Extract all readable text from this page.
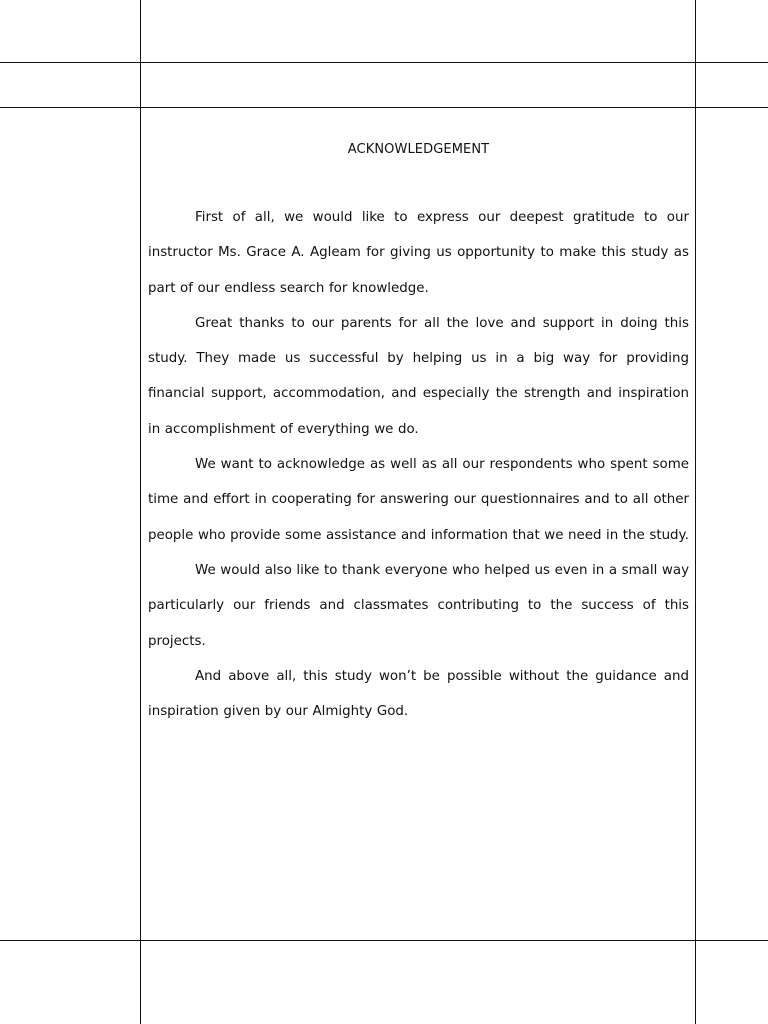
ACKNOWLEDGEMENT

First of all, we would like to express our deepest gratitude to our instructor Ms. Grace A. Agleam for giving us opportunity to make this study as part of our endless search for knowledge.

Great thanks to our parents for all the love and support in doing this study. They made us successful by helping us in a big way for providing financial support, accommodation, and especially the strength and inspiration in accomplishment of everything we do.

We want to acknowledge as well as all our respondents who spent some time and effort in cooperating for answering our questionnaires and to all other people who provide some assistance and information that we need in the study.

We would also like to thank everyone who helped us even in a small way particularly our friends and classmates contributing to the success of this projects.

And above all, this study won’t be possible without the guidance and inspiration given by our Almighty God.
